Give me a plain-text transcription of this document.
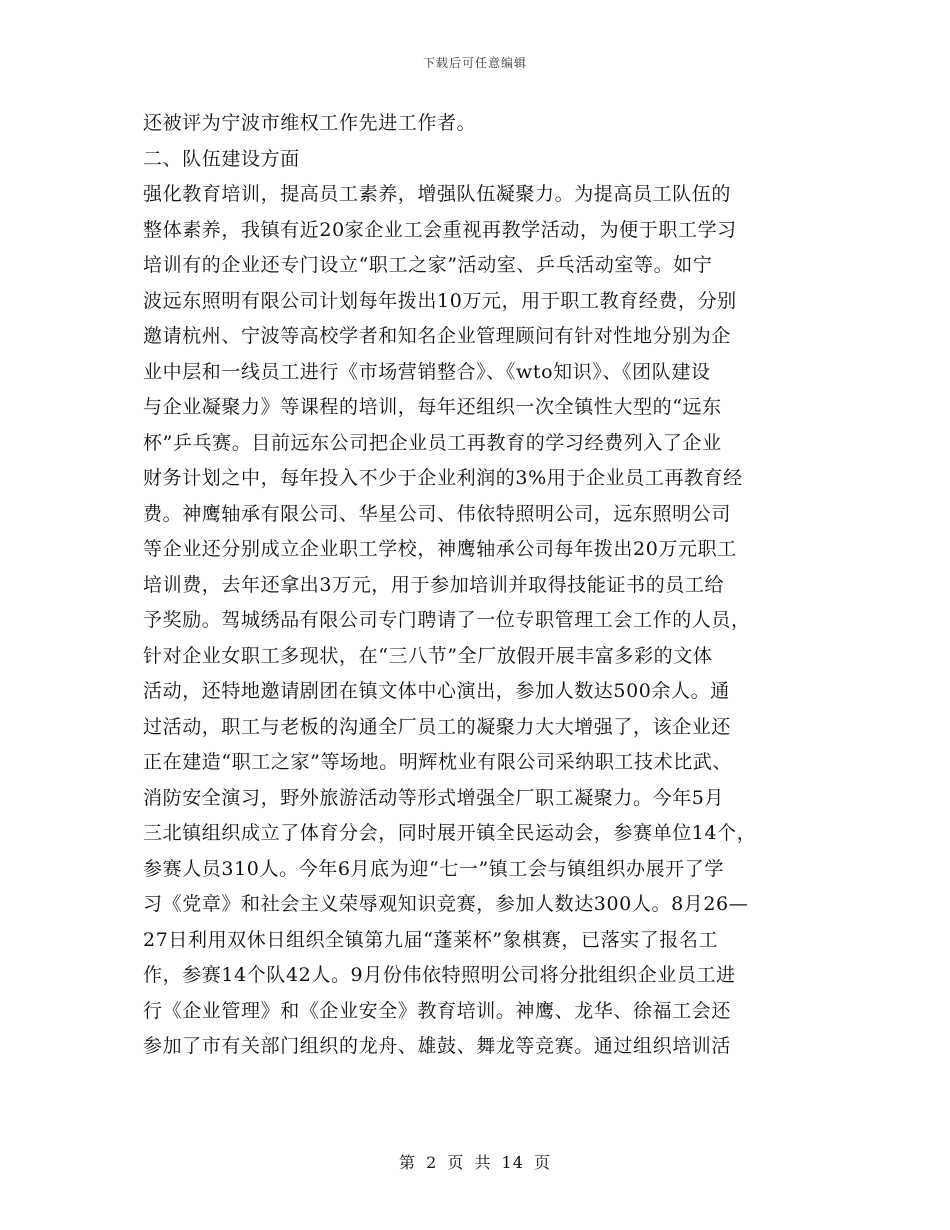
下载后可任意编辑
还被评为宁波市维权工作先进工作者。
二、队伍建设方面
强化教育培训，提高员工素养，增强队伍凝聚力。为提高员工队伍的
整体素养，我镇有近20家企业工会重视再教学活动，为便于职工学习
培训有的企业还专门设立“职工之家”活动室、乒乓活动室等。如宁
波远东照明有限公司计划每年拨出10万元，用于职工教育经费，分别
邀请杭州、宁波等高校学者和知名企业管理顾问有针对性地分别为企
业中层和一线员工进行《市场营销整合》、《wto知识》、《团队建设
与企业凝聚力》等课程的培训，每年还组织一次全镇性大型的“远东
杯”乒乓赛。目前远东公司把企业员工再教育的学习经费列入了企业
财务计划之中，每年投入不少于企业利润的3%用于企业员工再教育经
费。神鹰轴承有限公司、华星公司、伟依特照明公司，远东照明公司
等企业还分别成立企业职工学校，神鹰轴承公司每年拨出20万元职工
培训费，去年还拿出3万元，用于参加培训并取得技能证书的员工给
予奖励。驾城绣品有限公司专门聘请了一位专职管理工会工作的人员，
针对企业女职工多现状，在“三八节”全厂放假开展丰富多彩的文体
活动，还特地邀请剧团在镇文体中心演出，参加人数达500余人。通
过活动，职工与老板的沟通全厂员工的凝聚力大大增强了，该企业还
正在建造“职工之家”等场地。明辉枕业有限公司采纳职工技术比武、
消防安全演习，野外旅游活动等形式增强全厂职工凝聚力。今年5月
三北镇组织成立了体育分会，同时展开镇全民运动会，参赛单位14个，
参赛人员310人。今年6月底为迎“七一”镇工会与镇组织办展开了学
习《党章》和社会主义荣辱观知识竞赛，参加人数达300人。8月26—
27日利用双休日组织全镇第九届“蓬莱杯”象棋赛，已落实了报名工
作，参赛14个队42人。9月份伟依特照明公司将分批组织企业员工进
行《企业管理》和《企业安全》教育培训。神鹰、龙华、徐福工会还
参加了市有关部门组织的龙舟、雄鼓、舞龙等竞赛。通过组织培训活
第 2 页 共 14 页
